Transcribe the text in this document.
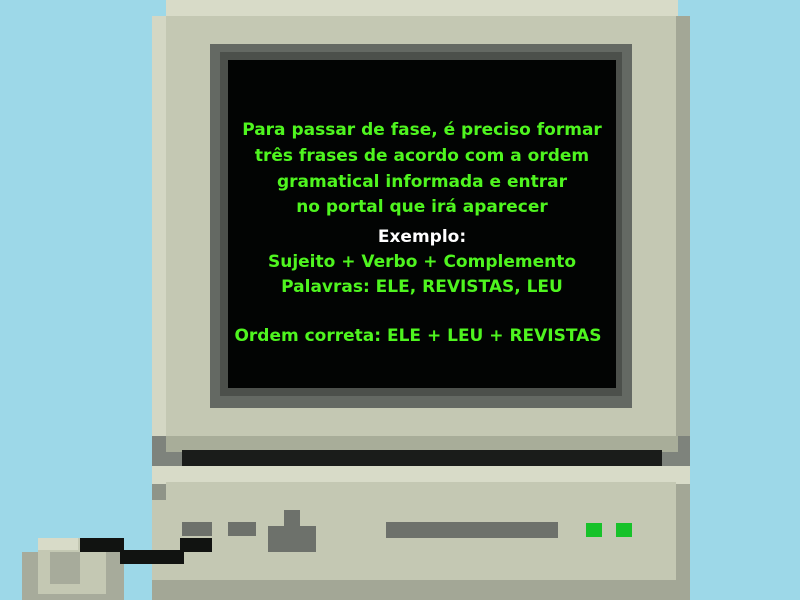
Para passar de fase, é preciso formar
três frases de acordo com a ordem
gramatical informada e entrar
no portal que irá aparecer
Exemplo:
Sujeito + Verbo + Complemento
Palavras: ELE, REVISTAS, LEU
Ordem correta: ELE + LEU + REVISTAS
